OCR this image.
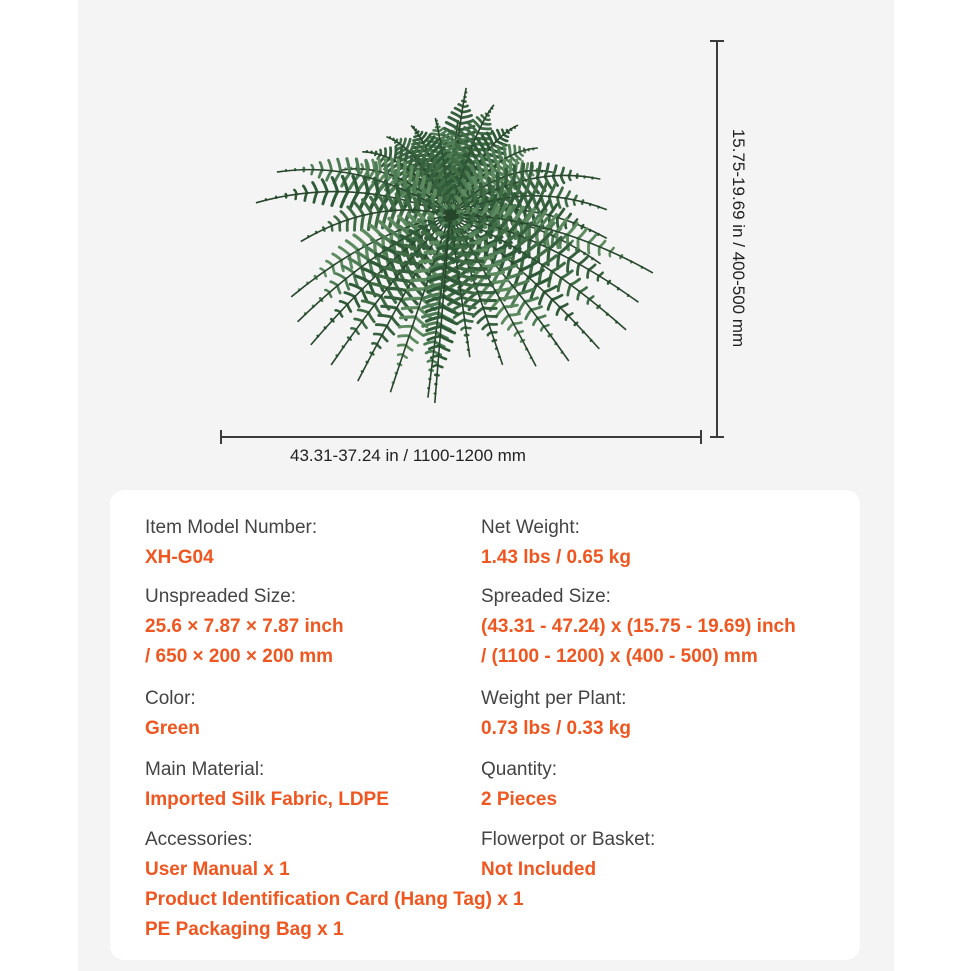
15.75-19.69 in / 400-500 mm
43.31-37.24 in / 1100-1200 mm
Item Model Number:
XH-G04
Net Weight:
1.43 lbs / 0.65 kg
Unspreaded Size:
25.6 × 7.87 × 7.87 inch
/ 650 × 200 × 200 mm
Spreaded Size:
(43.31 - 47.24) x (15.75 - 19.69) inch
/ (1100 - 1200) x (400 - 500) mm
Color:
Green
Weight per Plant:
0.73 lbs / 0.33 kg
Main Material:
Imported Silk Fabric, LDPE
Quantity:
2 Pieces
Accessories:
User Manual x 1
Product Identification Card (Hang Tag) x 1
PE Packaging Bag x 1
Flowerpot or Basket:
Not Included
